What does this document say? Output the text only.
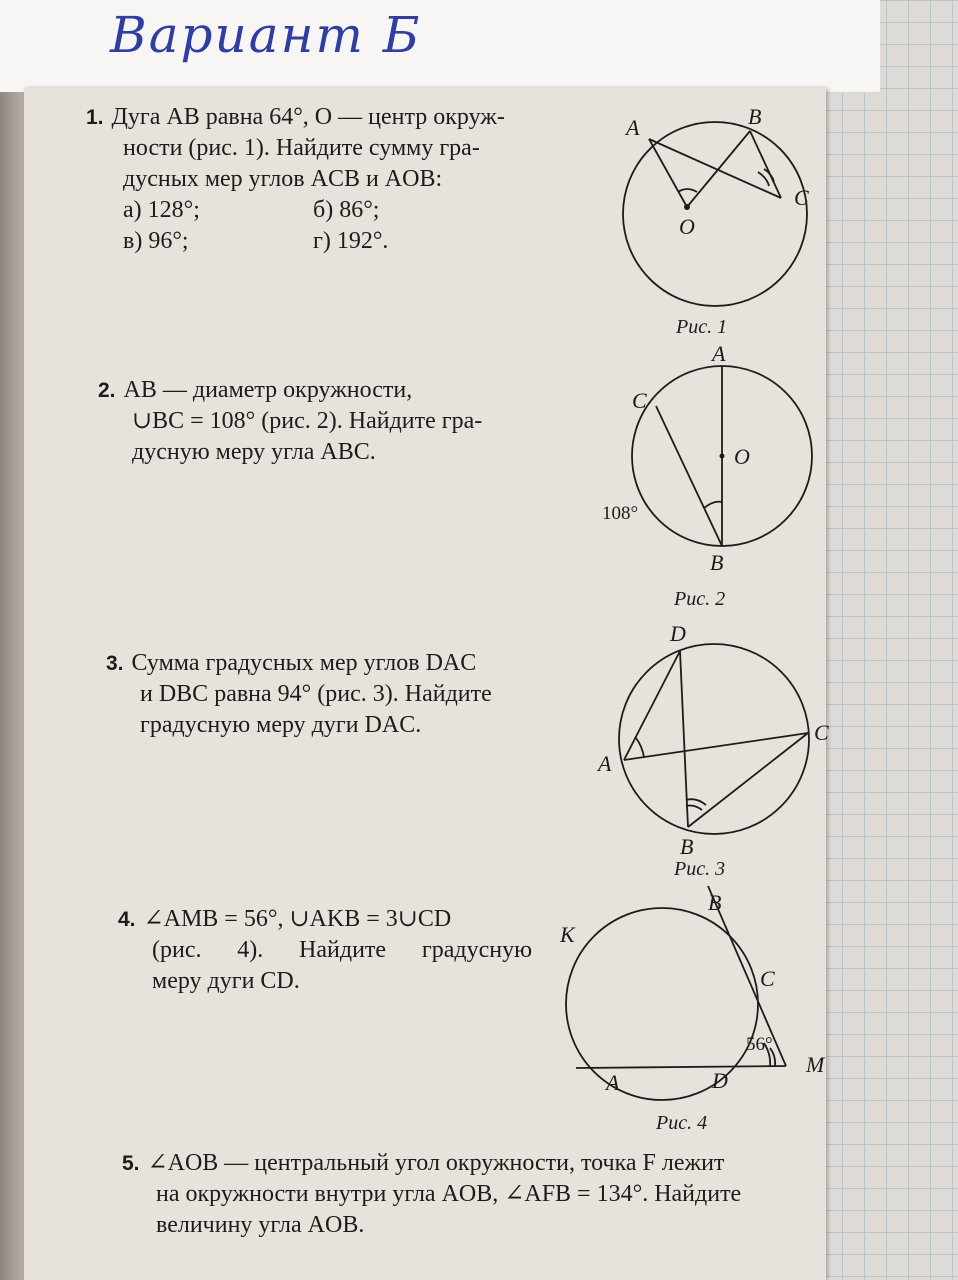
Вариант Б
1. Дуга AB равна 64°, O — центр окруж-
ности (рис. 1). Найдите сумму гра-
дусных мер углов ACB и AOB:
а) 128°;	б) 86°;
в) 96°;	г) 192°.
A	B
C
O
Рис. 1
2. AB — диаметр окружности,
∪BC = 108° (рис. 2). Найдите гра-
дусную меру угла ABC.
A
B
C
O
108°
Рис. 2
3. Сумма градусных мер углов DAC
и DBC равна 94° (рис. 3). Найдите
градусную меру дуги DAC.
D
A
C
B
Рис. 3
4. ∠AMB = 56°, ∪AKB = 3∪CD
(рис. 4). Найдите градусную
меру дуги CD.
B
K
C
M
A	D
56°
Рис. 4
5. ∠AOB — центральный угол окружности, точка F лежит
на окружности внутри угла AOB, ∠AFB = 134°. Найдите
величину угла AOB.
